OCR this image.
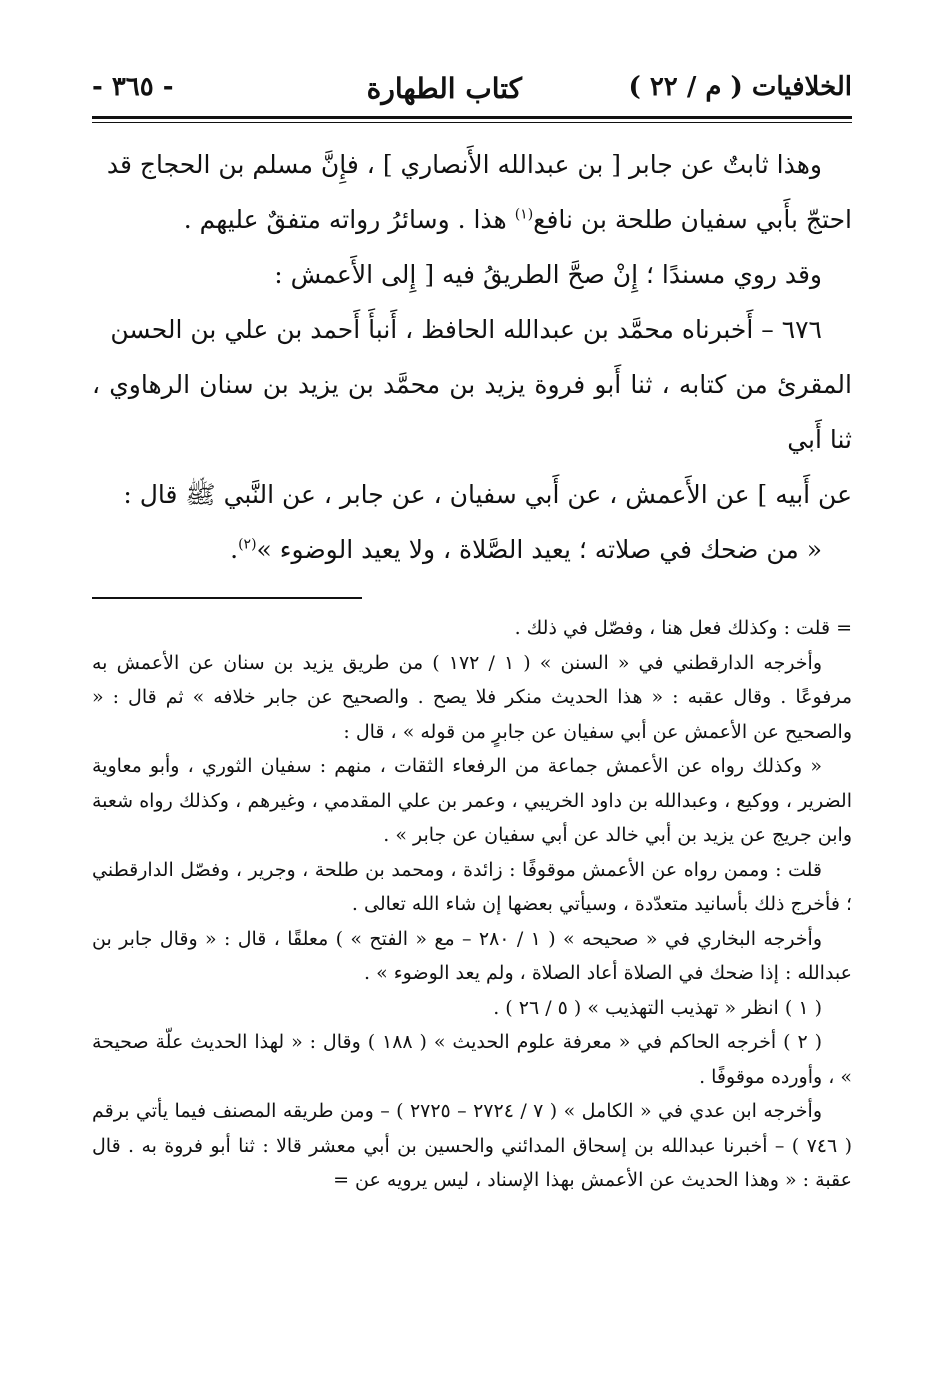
الخلافيات ( م / ٢٢ )
كتاب الطهارة
- ٣٦٥ -

وهذا ثابتٌ عن جابر [ بن عبدالله الأَنصاري ] ، فإِنَّ مسلم بن الحجاج قد

احتجّ بأَبي سفيان طلحة بن نافع$^{(١)}$ هذا . وسائرُ رواته متفقٌ عليهم .

وقد روي مسندًا ؛ إِنْ صحَّ الطريقُ فيه [ إِلى الأَعمش :

٦٧٦ – أَخبرناه محمَّد بن عبدالله الحافظ ، أَنبأَ أَحمد بن علي بن الحسن

المقرئ من كتابه ، ثنا أَبو فروة يزيد بن محمَّد بن يزيد بن سنان الرهاوي ، ثنا أَبي

عن أَبيه ] عن الأَعمش ، عن أَبي سفيان ، عن جابر ، عن النَّبي ﷺ قال :

« من ضحك في صلاته ؛ يعيد الصَّلاة ، ولا يعيد الوضوء »$^{(٢)}$.

= قلت : وكذلك فعل هنا ، وفصّل في ذلك .

وأخرجه الدارقطني في « السنن » ( ١ / ١٧٢ ) من طريق يزيد بن سنان عن الأعمش به مرفوعًا . وقال عقبه : « هذا الحديث منكر فلا يصح . والصحيح عن جابر خلافه » ثم قال : « والصحيح عن الأعمش عن أبي سفيان عن جابرٍ من قوله » ، قال :

« وكذلك رواه عن الأعمش جماعة من الرفعاء الثقات ، منهم : سفيان الثوري ، وأبو معاوية الضرير ، ووكيع ، وعبدالله بن داود الخريبي ، وعمر بن علي المقدمي ، وغيرهم ، وكذلك رواه شعبة وابن جريج عن يزيد بن أبي خالد عن أبي سفيان عن جابر » .

قلت : وممن رواه عن الأعمش موقوفًا : زائدة ، ومحمد بن طلحة ، وجرير ، وفصّل الدارقطني ؛ فأخرج ذلك بأسانيد متعدّدة ، وسيأتي بعضها إن شاء الله تعالى .

وأخرجه البخاري في « صحيحه » ( ١ / ٢٨٠ – مع « الفتح » ) معلقًا ، قال : « وقال جابر بن عبدالله : إذا ضحك في الصلاة أعاد الصلاة ، ولم يعد الوضوء » .

( ١ ) انظر « تهذيب التهذيب » ( ٥ / ٢٦ ) .

( ٢ ) أخرجه الحاكم في « معرفة علوم الحديث » ( ١٨٨ ) وقال : « لهذا الحديث علّة صحيحة » ، وأورده موقوفًا .

وأخرجه ابن عدي في « الكامل » ( ٧ / ٢٧٢٤ – ٢٧٢٥ ) – ومن طريقه المصنف فيما يأتي برقم ( ٧٤٦ ) – أخبرنا عبدالله بن إسحاق المدائني والحسين بن أبي معشر قالا : ثنا أبو فروة به . قال عقبة : « وهذا الحديث عن الأعمش بهذا الإسناد ، ليس يرويه عن =
